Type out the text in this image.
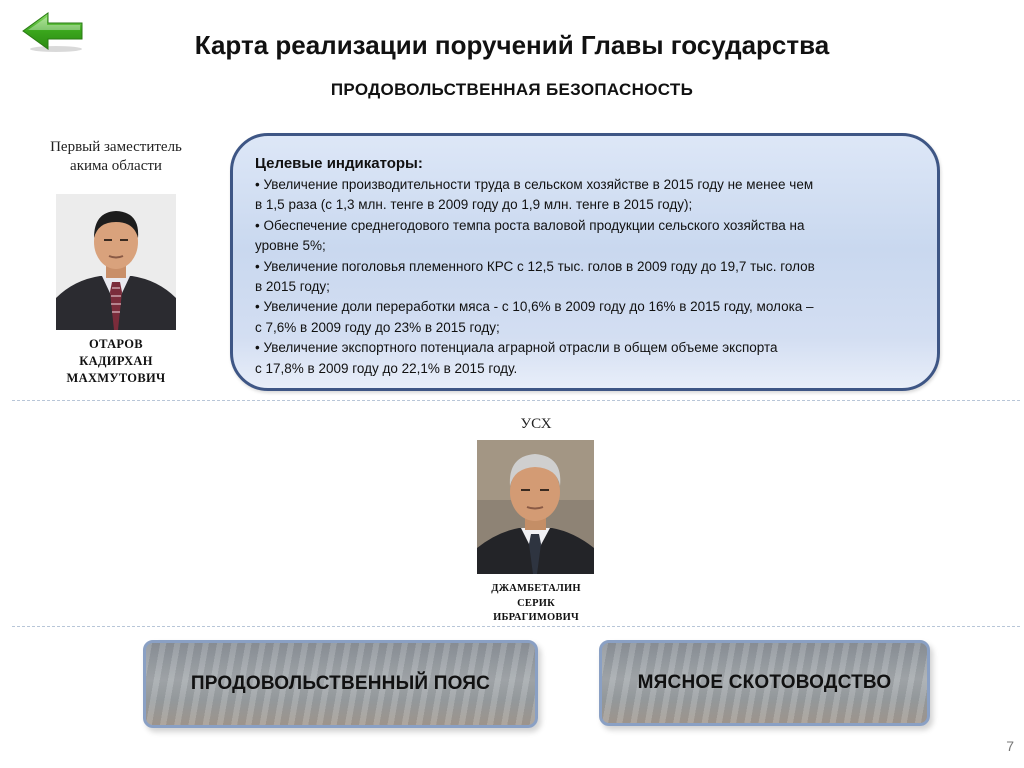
Карта реализации поручений Главы государства
ПРОДОВОЛЬСТВЕННАЯ БЕЗОПАСНОСТЬ
Первый заместитель акима области
ОТАРОВ
КАДИРХАН
МАХМУТОВИЧ
Целевые индикаторы:
• Увеличение производительности труда в сельском хозяйстве в 2015 году не менее чем
в 1,5 раза (с 1,3 млн. тенге в 2009 году до 1,9 млн. тенге в 2015 году);
• Обеспечение среднегодового темпа роста валовой продукции сельского хозяйства на
уровне 5%;
• Увеличение поголовья племенного КРС с 12,5 тыс. голов в 2009 году до 19,7 тыс. голов
в 2015 году;
• Увеличение доли переработки мяса - с 10,6% в 2009 году до 16% в 2015 году, молока –
с 7,6% в 2009 году до 23% в 2015 году;
• Увеличение экспортного потенциала аграрной отрасли в общем объеме экспорта
с 17,8% в 2009 году до 22,1% в 2015 году.
УСХ
ДЖАМБЕТАЛИН
СЕРИК
ИБРАГИМОВИЧ
ПРОДОВОЛЬСТВЕННЫЙ ПОЯС	МЯСНОЕ СКОТОВОДСТВО
7
